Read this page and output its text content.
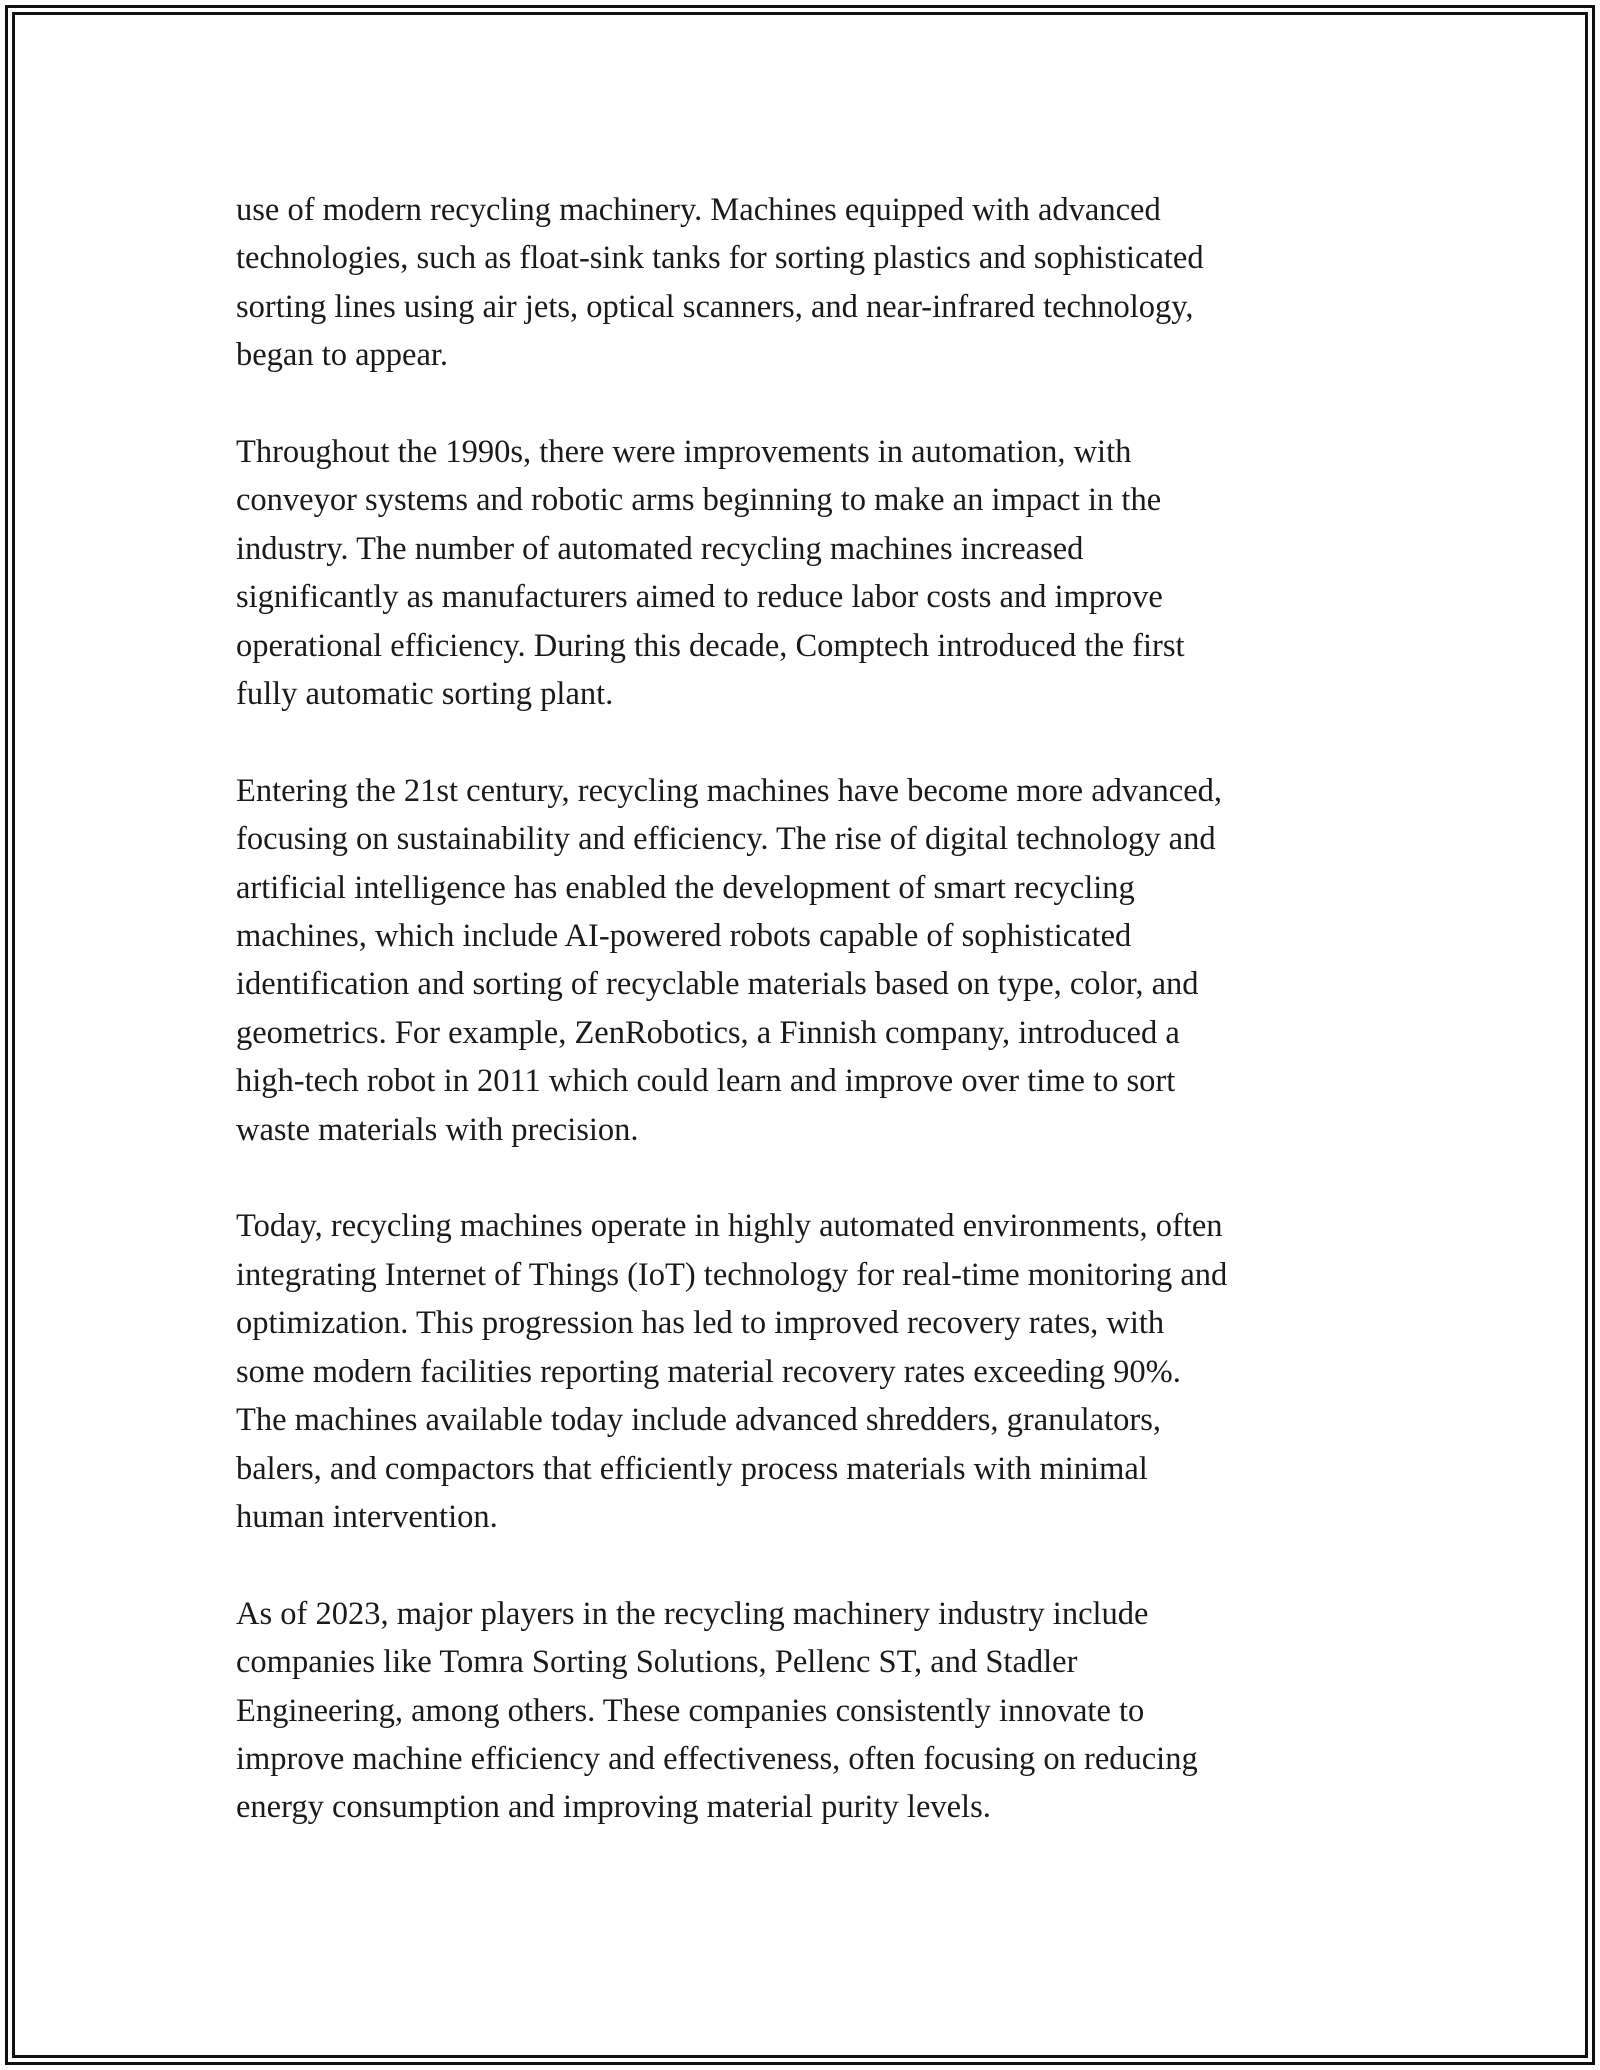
use of modern recycling machinery. Machines equipped with advanced
technologies, such as float-sink tanks for sorting plastics and sophisticated
sorting lines using air jets, optical scanners, and near-infrared technology,
began to appear.

Throughout the 1990s, there were improvements in automation, with
conveyor systems and robotic arms beginning to make an impact in the
industry. The number of automated recycling machines increased
significantly as manufacturers aimed to reduce labor costs and improve
operational efficiency. During this decade, Comptech introduced the first
fully automatic sorting plant.

Entering the 21st century, recycling machines have become more advanced,
focusing on sustainability and efficiency. The rise of digital technology and
artificial intelligence has enabled the development of smart recycling
machines, which include AI-powered robots capable of sophisticated
identification and sorting of recyclable materials based on type, color, and
geometrics. For example, ZenRobotics, a Finnish company, introduced a
high-tech robot in 2011 which could learn and improve over time to sort
waste materials with precision.

Today, recycling machines operate in highly automated environments, often
integrating Internet of Things (IoT) technology for real-time monitoring and
optimization. This progression has led to improved recovery rates, with
some modern facilities reporting material recovery rates exceeding 90%.
The machines available today include advanced shredders, granulators,
balers, and compactors that efficiently process materials with minimal
human intervention.

As of 2023, major players in the recycling machinery industry include
companies like Tomra Sorting Solutions, Pellenc ST, and Stadler
Engineering, among others. These companies consistently innovate to
improve machine efficiency and effectiveness, often focusing on reducing
energy consumption and improving material purity levels.
